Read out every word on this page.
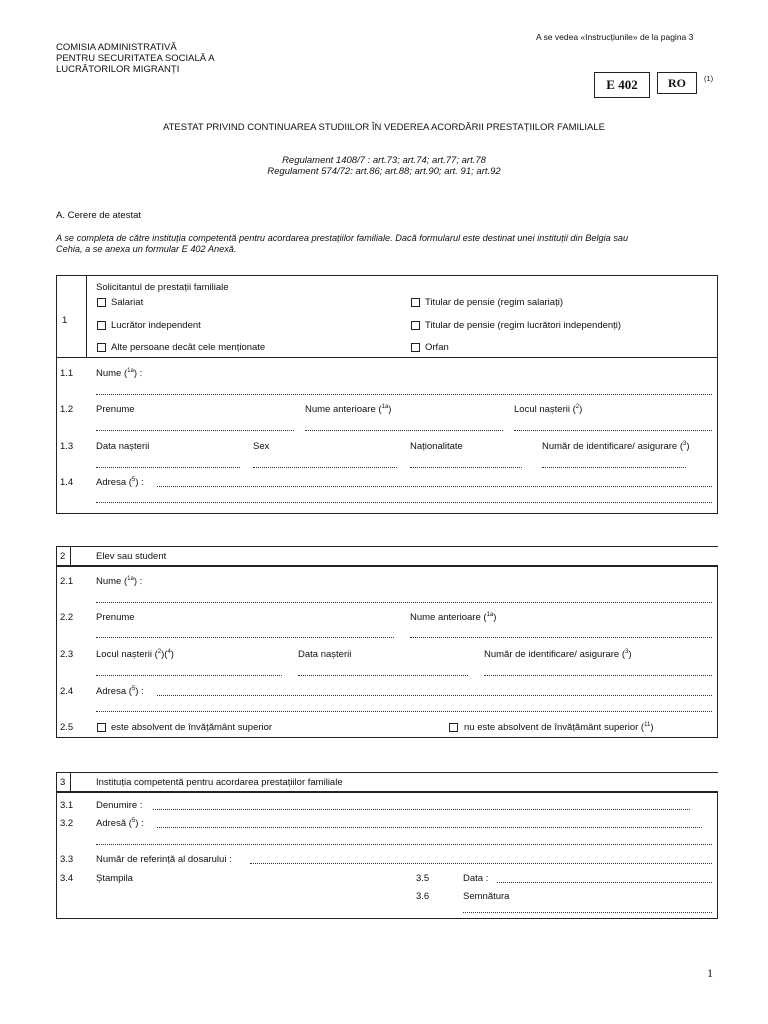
A se vedea «Instrucțiunile» de la pagina 3
COMISIA ADMINISTRATIVĂ
PENTRU SECURITATEA SOCIALĂ A
LUCRĂTORILOR MIGRANȚI
E 402	RO	(1)
ATESTAT PRIVIND CONTINUAREA STUDIILOR ÎN VEDEREA ACORDĂRII PRESTAȚIILOR FAMILIALE
Regulament 1408/7 : art.73; art.74; art.77; art.78
Regulament 574/72: art.86; art.88; art.90; art. 91; art.92
A. Cerere de atestat
A se completa de către instituția competentă pentru acordarea prestațiilor familiale. Dacă formularul este destinat unei instituții din Belgia sau
Cehia, a se anexa un formular E 402 Anexă.
1
Solicitantul de prestații familiale
Salariat	Titular de pensie (regim salariați)
Lucrător independent	Titular de pensie (regim lucrători independenți)
Alte persoane decât cele menționate	Orfan
1.1 Nume ($^{1a}$) :
1.2 Prenume	Nume anterioare ($^{1a}$)	Locul nașterii ($^2$)
1.3 Data nașterii	Sex	Naționalitate	Număr de identificare/ asigurare ($^3$)
1.4 Adresa ($^5$) :
2	Elev sau student
2.1 Nume ($^{1a}$) :
2.2 Prenume	Nume anterioare ($^{1a}$)
2.3 Locul nașterii ($^2$)($^4$)	Data nașterii	Număr de identificare/ asigurare ($^3$)
2.4 Adresa ($^5$) :
2.5	este absolvent de învățământ superior	nu este absolvent de învățământ superior ($^{11}$)
3	Instituția competentă pentru acordarea prestațiilor familiale
3.1 Denumire :
3.2 Adresă ($^5$) :
3.3 Număr de referință al dosarului :
3.4 Ștampila	3.5	Data :
3.6	Semnătura
1
